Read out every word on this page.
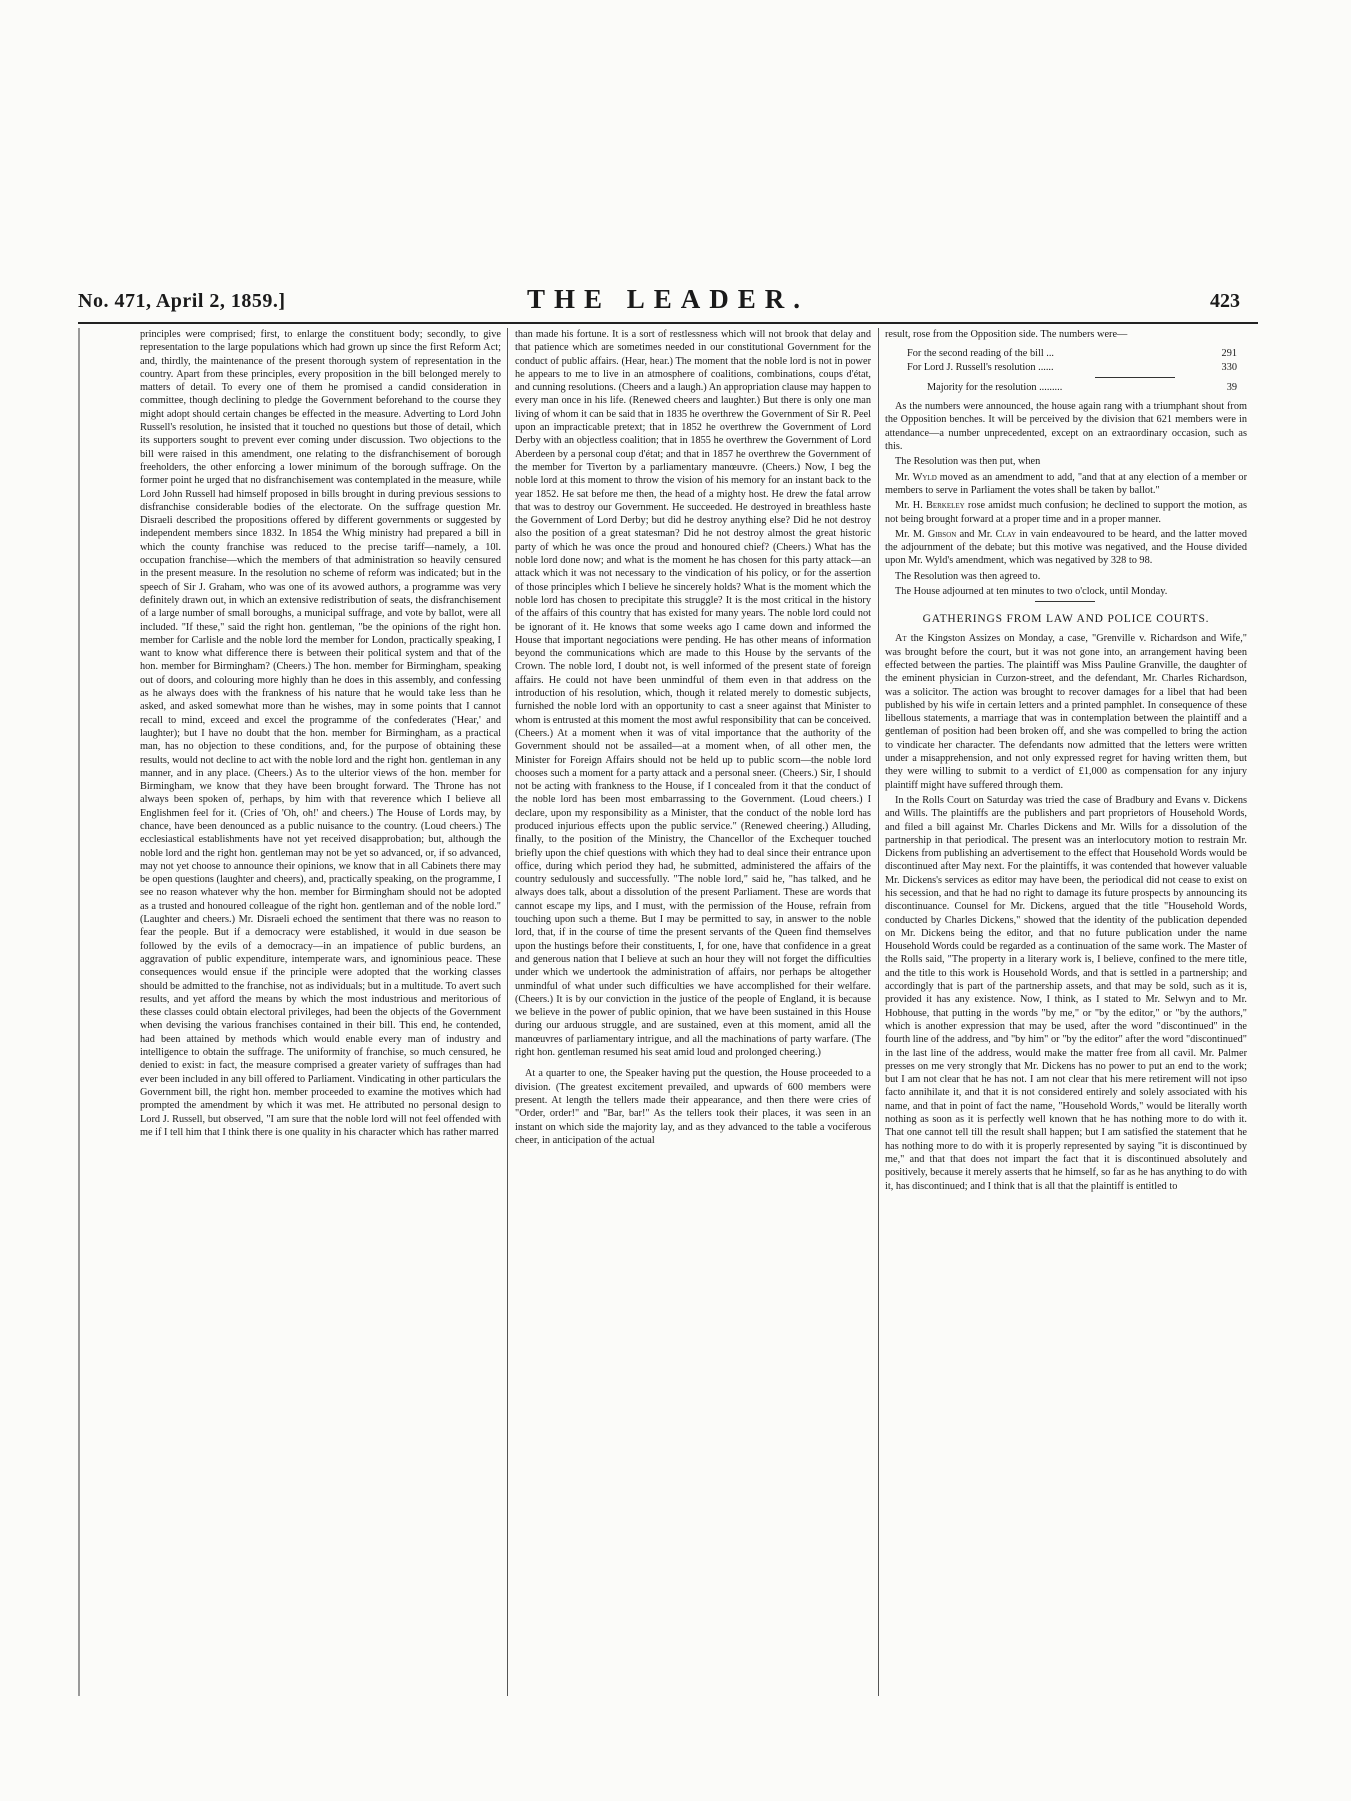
No. 471, April 2, 1859.]	THE LEADER.	423

principles were comprised; first, to enlarge the constituent body; secondly, to give representation to the large populations which had grown up since the first Reform Act; and, thirdly, the maintenance of the present thorough system of representation in the country. Apart from these principles, every proposition in the bill belonged merely to matters of detail. To every one of them he promised a candid consideration in committee, though declining to pledge the Government beforehand to the course they might adopt should certain changes be effected in the measure. Adverting to Lord John Russell's resolution, he insisted that it touched no questions but those of detail, which its supporters sought to prevent ever coming under discussion. Two objections to the bill were raised in this amendment, one relating to the disfranchisement of borough freeholders, the other enforcing a lower minimum of the borough suffrage. On the former point he urged that no disfranchisement was contemplated in the measure, while Lord John Russell had himself proposed in bills brought in during previous sessions to disfranchise considerable bodies of the electorate. On the suffrage question Mr. Disraeli described the propositions offered by different governments or suggested by independent members since 1832. In 1854 the Whig ministry had prepared a bill in which the county franchise was reduced to the precise tariff—namely, a 10l. occupation franchise—which the members of that administration so heavily censured in the present measure. In the resolution no scheme of reform was indicated; but in the speech of Sir J. Graham, who was one of its avowed authors, a programme was very definitely drawn out, in which an extensive redistribution of seats, the disfranchisement of a large number of small boroughs, a municipal suffrage, and vote by ballot, were all included. "If these," said the right hon. gentleman, "be the opinions of the right hon. member for Carlisle and the noble lord the member for London, practically speaking, I want to know what difference there is between their political system and that of the hon. member for Birmingham? (Cheers.) The hon. member for Birmingham, speaking out of doors, and colouring more highly than he does in this assembly, and confessing as he always does with the frankness of his nature that he would take less than he asked, and asked somewhat more than he wishes, may in some points that I cannot recall to mind, exceed and excel the programme of the confederates ('Hear,' and laughter); but I have no doubt that the hon. member for Birmingham, as a practical man, has no objection to these conditions, and, for the purpose of obtaining these results, would not decline to act with the noble lord and the right hon. gentleman in any manner, and in any place. (Cheers.) As to the ulterior views of the hon. member for Birmingham, we know that they have been brought forward. The Throne has not always been spoken of, perhaps, by him with that reverence which I believe all Englishmen feel for it. (Cries of 'Oh, oh!' and cheers.) The House of Lords may, by chance, have been denounced as a public nuisance to the country. (Loud cheers.) The ecclesiastical establishments have not yet received disapprobation; but, although the noble lord and the right hon. gentleman may not be yet so advanced, or, if so advanced, may not yet choose to announce their opinions, we know that in all Cabinets there may be open questions (laughter and cheers), and, practically speaking, on the programme, I see no reason whatever why the hon. member for Birmingham should not be adopted as a trusted and honoured colleague of the right hon. gentleman and of the noble lord." (Laughter and cheers.) Mr. Disraeli echoed the sentiment that there was no reason to fear the people. But if a democracy were established, it would in due season be followed by the evils of a democracy—in an impatience of public burdens, an aggravation of public expenditure, intemperate wars, and ignominious peace. These consequences would ensue if the principle were adopted that the working classes should be admitted to the franchise, not as individuals; but in a multitude. To avert such results, and yet afford the means by which the most industrious and meritorious of these classes could obtain electoral privileges, had been the objects of the Government when devising the various franchises contained in their bill. This end, he contended, had been attained by methods which would enable every man of industry and intelligence to obtain the suffrage. The uniformity of franchise, so much censured, he denied to exist: in fact, the measure comprised a greater variety of suffrages than had ever been included in any bill offered to Parliament. Vindicating in other particulars the Government bill, the right hon. member proceeded to examine the motives which had prompted the amendment by which it was met. He attributed no personal design to Lord J. Russell, but observed, "I am sure that the noble lord will not feel offended with me if I tell him that I think there is one quality in his character which has rather marred

than made his fortune. It is a sort of restlessness which will not brook that delay and that patience which are sometimes needed in our constitutional Government for the conduct of public affairs. (Hear, hear.) The moment that the noble lord is not in power he appears to me to live in an atmosphere of coalitions, combinations, coups d'état, and cunning resolutions. (Cheers and a laugh.) An appropriation clause may happen to every man once in his life. (Renewed cheers and laughter.) But there is only one man living of whom it can be said that in 1835 he overthrew the Government of Sir R. Peel upon an impracticable pretext; that in 1852 he overthrew the Government of Lord Derby with an objectless coalition; that in 1855 he overthrew the Government of Lord Aberdeen by a personal coup d'état; and that in 1857 he overthrew the Government of the member for Tiverton by a parliamentary manœuvre. (Cheers.) Now, I beg the noble lord at this moment to throw the vision of his memory for an instant back to the year 1852. He sat before me then, the head of a mighty host. He drew the fatal arrow that was to destroy our Government. He succeeded. He destroyed in breathless haste the Government of Lord Derby; but did he destroy anything else? Did he not destroy also the position of a great statesman? Did he not destroy almost the great historic party of which he was once the proud and honoured chief? (Cheers.) What has the noble lord done now; and what is the moment he has chosen for this party attack—an attack which it was not necessary to the vindication of his policy, or for the assertion of those principles which I believe he sincerely holds? What is the moment which the noble lord has chosen to precipitate this struggle? It is the most critical in the history of the affairs of this country that has existed for many years. The noble lord could not be ignorant of it. He knows that some weeks ago I came down and informed the House that important negociations were pending. He has other means of information beyond the communications which are made to this House by the servants of the Crown. The noble lord, I doubt not, is well informed of the present state of foreign affairs. He could not have been unmindful of them even in that address on the introduction of his resolution, which, though it related merely to domestic subjects, furnished the noble lord with an opportunity to cast a sneer against that Minister to whom is entrusted at this moment the most awful responsibility that can be conceived. (Cheers.) At a moment when it was of vital importance that the authority of the Government should not be assailed—at a moment when, of all other men, the Minister for Foreign Affairs should not be held up to public scorn—the noble lord chooses such a moment for a party attack and a personal sneer. (Cheers.) Sir, I should not be acting with frankness to the House, if I concealed from it that the conduct of the noble lord has been most embarrassing to the Government. (Loud cheers.) I declare, upon my responsibility as a Minister, that the conduct of the noble lord has produced injurious effects upon the public service." (Renewed cheering.) Alluding, finally, to the position of the Ministry, the Chancellor of the Exchequer touched briefly upon the chief questions with which they had to deal since their entrance upon office, during which period they had, he submitted, administered the affairs of the country sedulously and successfully. "The noble lord," said he, "has talked, and he always does talk, about a dissolution of the present Parliament. These are words that cannot escape my lips, and I must, with the permission of the House, refrain from touching upon such a theme. But I may be permitted to say, in answer to the noble lord, that, if in the course of time the present servants of the Queen find themselves upon the hustings before their constituents, I, for one, have that confidence in a great and generous nation that I believe at such an hour they will not forget the difficulties under which we undertook the administration of affairs, nor perhaps be altogether unmindful of what under such difficulties we have accomplished for their welfare. (Cheers.) It is by our conviction in the justice of the people of England, it is because we believe in the power of public opinion, that we have been sustained in this House during our arduous struggle, and are sustained, even at this moment, amid all the manœuvres of parliamentary intrigue, and all the machinations of party warfare. (The right hon. gentleman resumed his seat amid loud and prolonged cheering.)

At a quarter to one, the Speaker having put the question, the House proceeded to a division. (The greatest excitement prevailed, and upwards of 600 members were present. At length the tellers made their appearance, and then there were cries of "Order, order!" and "Bar, bar!" As the tellers took their places, it was seen in an instant on which side the majority lay, and as they advanced to the table a vociferous cheer, in anticipation of the actual

result, rose from the Opposition side. The numbers were—

For the second reading of the bill ...	291
For Lord J. Russell's resolution ......	330
Majority for the resolution .........	39

As the numbers were announced, the house again rang with a triumphant shout from the Opposition benches. It will be perceived by the division that 621 members were in attendance—a number unprecedented, except on an extraordinary occasion, such as this.

The Resolution was then put, when

Mr. Wyld moved as an amendment to add, "and that at any election of a member or members to serve in Parliament the votes shall be taken by ballot."

Mr. H. Berkeley rose amidst much confusion; he declined to support the motion, as not being brought forward at a proper time and in a proper manner.

Mr. M. Gibson and Mr. Clay in vain endeavoured to be heard, and the latter moved the adjournment of the debate; but this motive was negatived, and the House divided upon Mr. Wyld's amendment, which was negatived by 328 to 98.

The Resolution was then agreed to.

The House adjourned at ten minutes to two o'clock, until Monday.

GATHERINGS FROM LAW AND POLICE COURTS.

At the Kingston Assizes on Monday, a case, "Grenville v. Richardson and Wife," was brought before the court, but it was not gone into, an arrangement having been effected between the parties. The plaintiff was Miss Pauline Granville, the daughter of the eminent physician in Curzon-street, and the defendant, Mr. Charles Richardson, was a solicitor. The action was brought to recover damages for a libel that had been published by his wife in certain letters and a printed pamphlet. In consequence of these libellous statements, a marriage that was in contemplation between the plaintiff and a gentleman of position had been broken off, and she was compelled to bring the action to vindicate her character. The defendants now admitted that the letters were written under a misapprehension, and not only expressed regret for having written them, but they were willing to submit to a verdict of £1,000 as compensation for any injury plaintiff might have suffered through them.

In the Rolls Court on Saturday was tried the case of Bradbury and Evans v. Dickens and Wills. The plaintiffs are the publishers and part proprietors of Household Words, and filed a bill against Mr. Charles Dickens and Mr. Wills for a dissolution of the partnership in that periodical. The present was an interlocutory motion to restrain Mr. Dickens from publishing an advertisement to the effect that Household Words would be discontinued after May next. For the plaintiffs, it was contended that however valuable Mr. Dickens's services as editor may have been, the periodical did not cease to exist on his secession, and that he had no right to damage its future prospects by announcing its discontinuance. Counsel for Mr. Dickens, argued that the title "Household Words, conducted by Charles Dickens," showed that the identity of the publication depended on Mr. Dickens being the editor, and that no future publication under the name Household Words could be regarded as a continuation of the same work. The Master of the Rolls said, "The property in a literary work is, I believe, confined to the mere title, and the title to this work is Household Words, and that is settled in a partnership; and accordingly that is part of the partnership assets, and that may be sold, such as it is, provided it has any existence. Now, I think, as I stated to Mr. Selwyn and to Mr. Hobhouse, that putting in the words "by me," or "by the editor," or "by the authors," which is another expression that may be used, after the word "discontinued" in the fourth line of the address, and "by him" or "by the editor" after the word "discontinued" in the last line of the address, would make the matter free from all cavil. Mr. Palmer presses on me very strongly that Mr. Dickens has no power to put an end to the work; but I am not clear that he has not. I am not clear that his mere retirement will not ipso facto annihilate it, and that it is not considered entirely and solely associated with his name, and that in point of fact the name, "Household Words," would be literally worth nothing as soon as it is perfectly well known that he has nothing more to do with it. That one cannot tell till the result shall happen; but I am satisfied the statement that he has nothing more to do with it is properly represented by saying "it is discontinued by me," and that that does not impart the fact that it is discontinued absolutely and positively, because it merely asserts that he himself, so far as he has anything to do with it, has discontinued; and I think that is all that the plaintiff is entitled to
